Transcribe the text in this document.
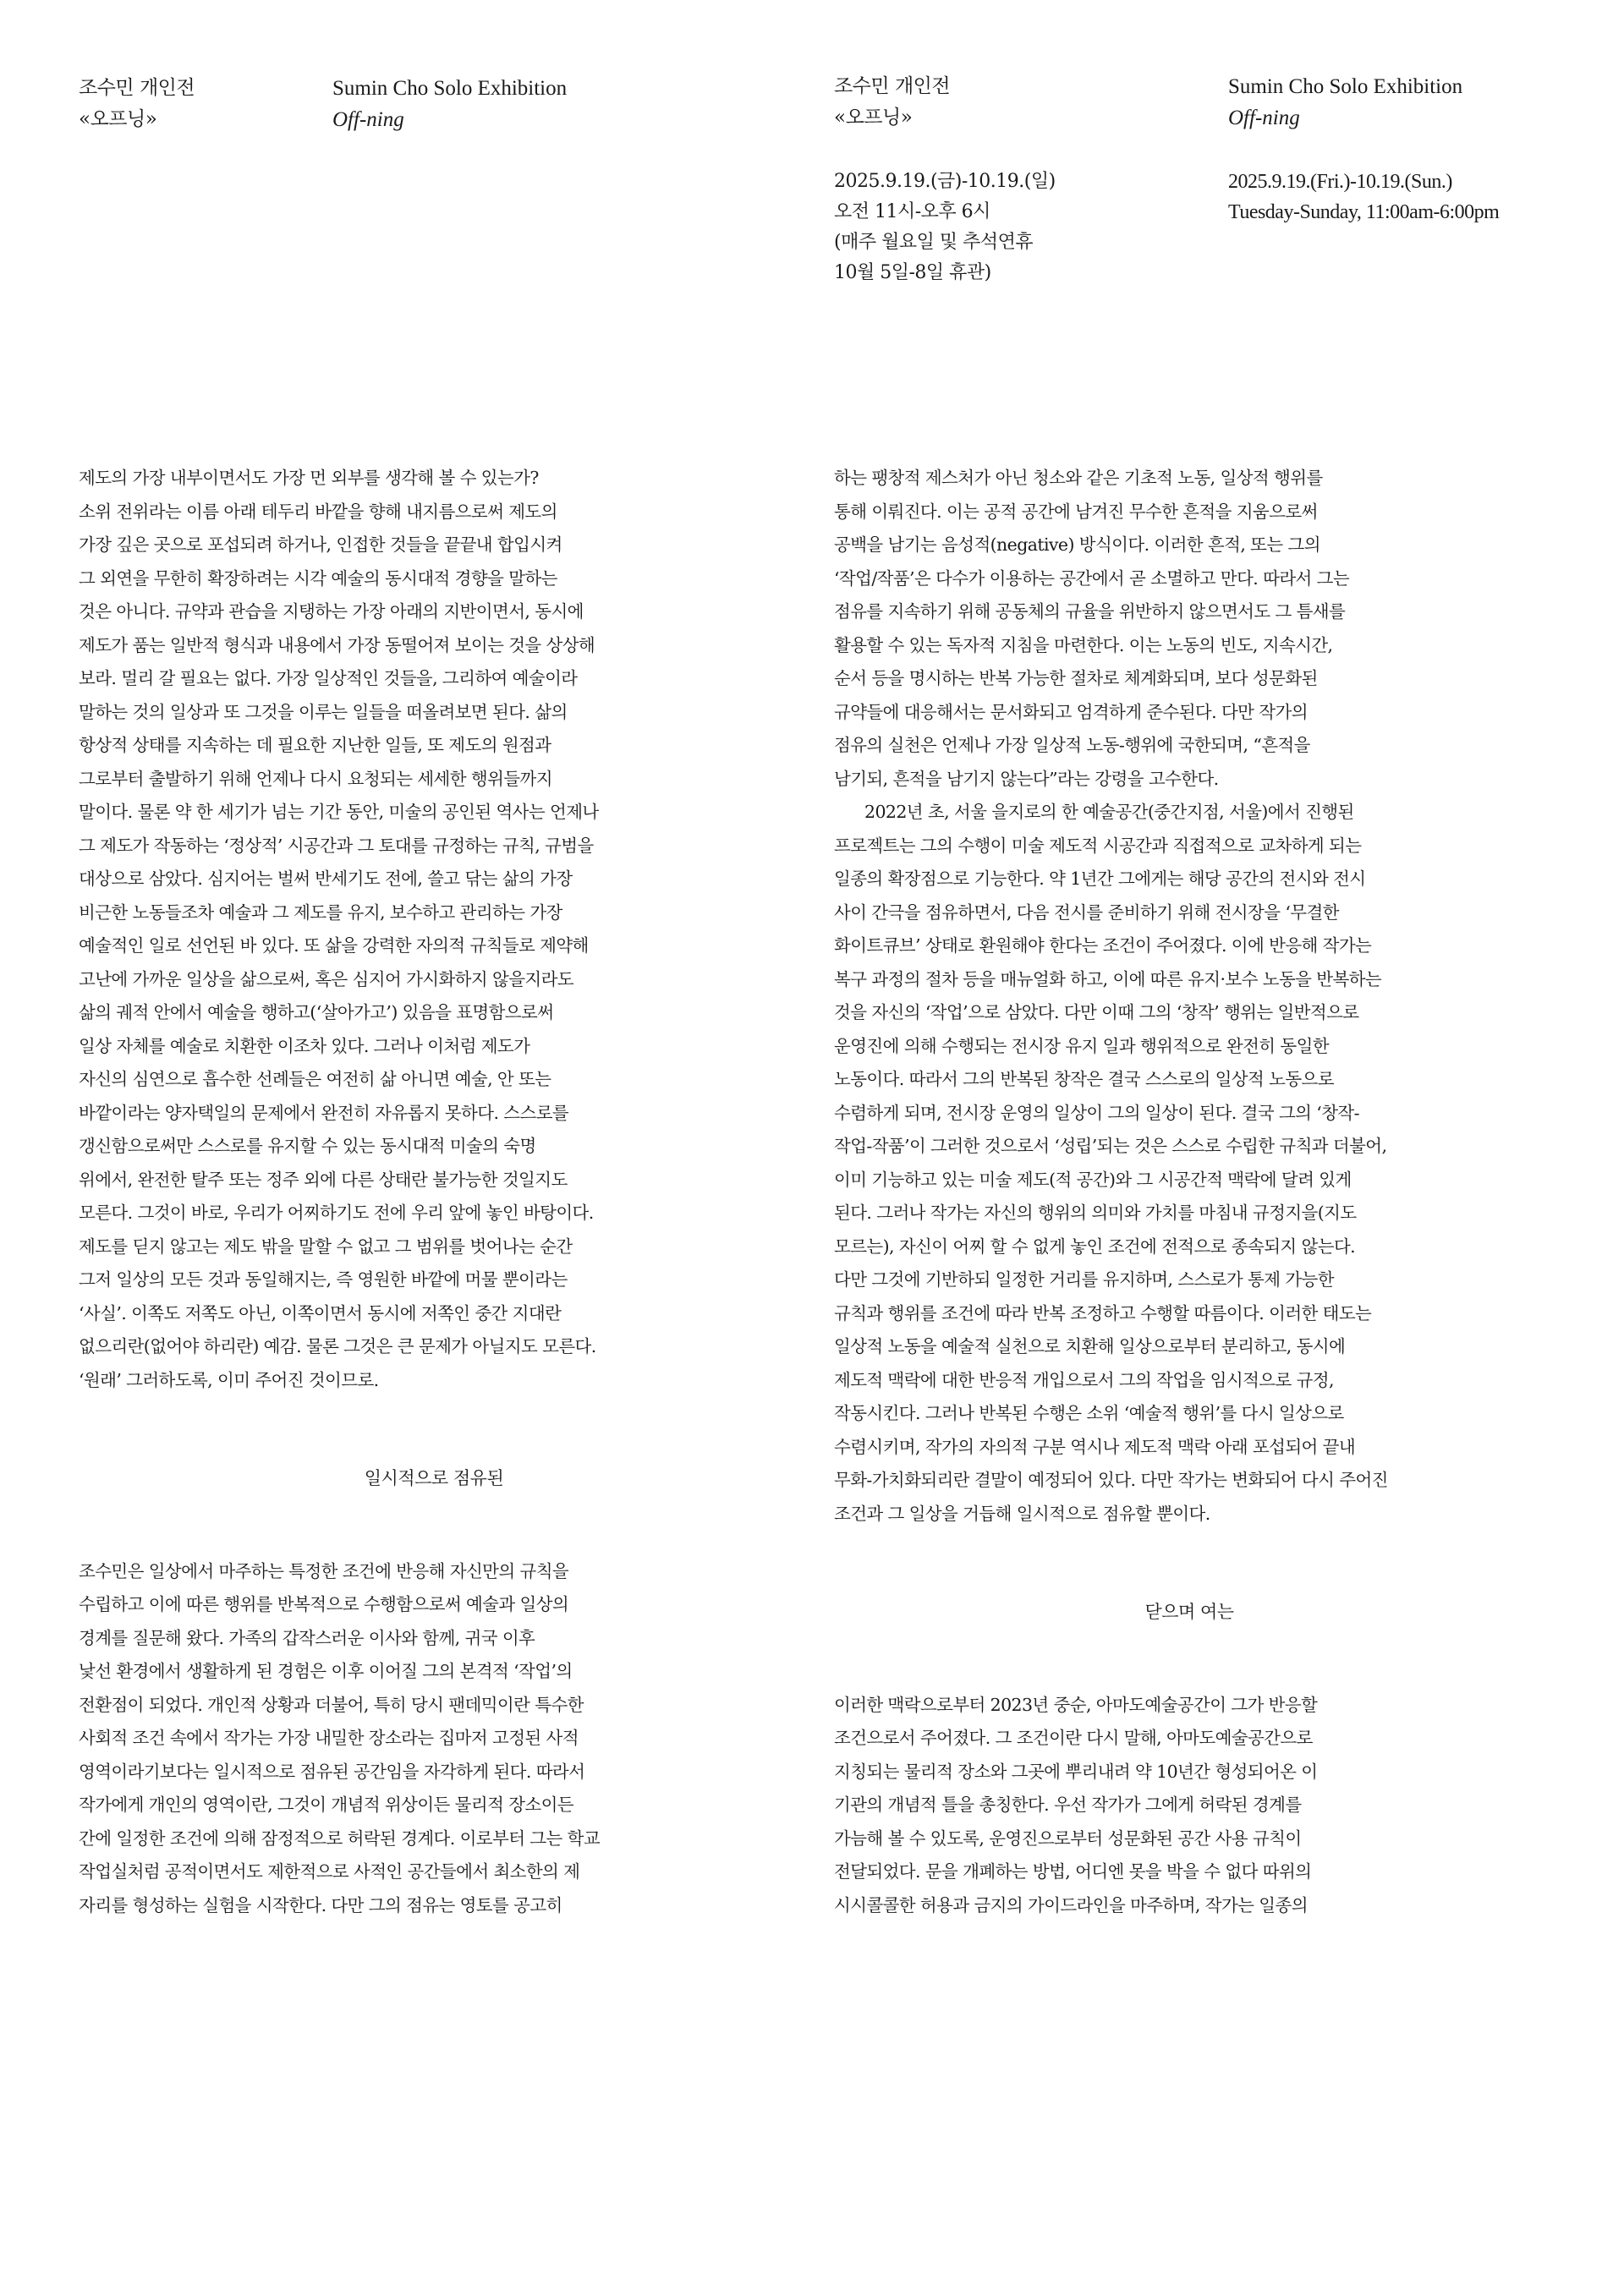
조수민 개인전
«오프닝»
Sumin Cho Solo Exhibition
Off-ning
조수민 개인전
«오프닝»
Sumin Cho Solo Exhibition
Off-ning
2025.9.19.(금)-10.19.(일)
오전 11시-오후 6시
(매주 월요일 및 추석연휴
10월 5일-8일 휴관)
2025.9.19.(Fri.)-10.19.(Sun.)
Tuesday-Sunday, 11:00am-6:00pm
제도의 가장 내부이면서도 가장 먼 외부를 생각해 볼 수 있는가?
소위 전위라는 이름 아래 테두리 바깥을 향해 내지름으로써 제도의
가장 깊은 곳으로 포섭되려 하거나, 인접한 것들을 끝끝내 합입시켜
그 외연을 무한히 확장하려는 시각 예술의 동시대적 경향을 말하는
것은 아니다. 규약과 관습을 지탱하는 가장 아래의 지반이면서, 동시에
제도가 품는 일반적 형식과 내용에서 가장 동떨어져 보이는 것을 상상해
보라. 멀리 갈 필요는 없다. 가장 일상적인 것들을, 그리하여 예술이라
말하는 것의 일상과 또 그것을 이루는 일들을 떠올려보면 된다. 삶의
항상적 상태를 지속하는 데 필요한 지난한 일들, 또 제도의 원점과
그로부터 출발하기 위해 언제나 다시 요청되는 세세한 행위들까지
말이다. 물론 약 한 세기가 넘는 기간 동안, 미술의 공인된 역사는 언제나
그 제도가 작동하는 ‘정상적’ 시공간과 그 토대를 규정하는 규칙, 규범을
대상으로 삼았다. 심지어는 벌써 반세기도 전에, 쓸고 닦는 삶의 가장
비근한 노동들조차 예술과 그 제도를 유지, 보수하고 관리하는 가장
예술적인 일로 선언된 바 있다. 또 삶을 강력한 자의적 규칙들로 제약해
고난에 가까운 일상을 삶으로써, 혹은 심지어 가시화하지 않을지라도
삶의 궤적 안에서 예술을 행하고(‘살아가고’) 있음을 표명함으로써
일상 자체를 예술로 치환한 이조차 있다. 그러나 이처럼 제도가
자신의 심연으로 흡수한 선례들은 여전히 삶 아니면 예술, 안 또는
바깥이라는 양자택일의 문제에서 완전히 자유롭지 못하다. 스스로를
갱신함으로써만 스스로를 유지할 수 있는 동시대적 미술의 숙명
위에서, 완전한 탈주 또는 정주 외에 다른 상태란 불가능한 것일지도
모른다. 그것이 바로, 우리가 어찌하기도 전에 우리 앞에 놓인 바탕이다.
제도를 딛지 않고는 제도 밖을 말할 수 없고 그 범위를 벗어나는 순간
그저 일상의 모든 것과 동일해지는, 즉 영원한 바깥에 머물 뿐이라는
‘사실’. 이쪽도 저쪽도 아닌, 이쪽이면서 동시에 저쪽인 중간 지대란
없으리란(없어야 하리란) 예감. 물론 그것은 큰 문제가 아닐지도 모른다.
‘원래’ 그러하도록, 이미 주어진 것이므로.
일시적으로 점유된
조수민은 일상에서 마주하는 특정한 조건에 반응해 자신만의 규칙을
수립하고 이에 따른 행위를 반복적으로 수행함으로써 예술과 일상의
경계를 질문해 왔다. 가족의 갑작스러운 이사와 함께, 귀국 이후
낯선 환경에서 생활하게 된 경험은 이후 이어질 그의 본격적 ‘작업’의
전환점이 되었다. 개인적 상황과 더불어, 특히 당시 팬데믹이란 특수한
사회적 조건 속에서 작가는 가장 내밀한 장소라는 집마저 고정된 사적
영역이라기보다는 일시적으로 점유된 공간임을 자각하게 된다. 따라서
작가에게 개인의 영역이란, 그것이 개념적 위상이든 물리적 장소이든
간에 일정한 조건에 의해 잠정적으로 허락된 경계다. 이로부터 그는 학교
작업실처럼 공적이면서도 제한적으로 사적인 공간들에서 최소한의 제
자리를 형성하는 실험을 시작한다. 다만 그의 점유는 영토를 공고히
하는 팽창적 제스처가 아닌 청소와 같은 기초적 노동, 일상적 행위를
통해 이뤄진다. 이는 공적 공간에 남겨진 무수한 흔적을 지움으로써
공백을 남기는 음성적(negative) 방식이다. 이러한 흔적, 또는 그의
‘작업/작품’은 다수가 이용하는 공간에서 곧 소멸하고 만다. 따라서 그는
점유를 지속하기 위해 공동체의 규율을 위반하지 않으면서도 그 틈새를
활용할 수 있는 독자적 지침을 마련한다. 이는 노동의 빈도, 지속시간,
순서 등을 명시하는 반복 가능한 절차로 체계화되며, 보다 성문화된
규약들에 대응해서는 문서화되고 엄격하게 준수된다. 다만 작가의
점유의 실천은 언제나 가장 일상적 노동-행위에 국한되며, “흔적을
남기되, 흔적을 남기지 않는다”라는 강령을 고수한다.
2022년 초, 서울 을지로의 한 예술공간(중간지점, 서울)에서 진행된
프로젝트는 그의 수행이 미술 제도적 시공간과 직접적으로 교차하게 되는
일종의 확장점으로 기능한다. 약 1년간 그에게는 해당 공간의 전시와 전시
사이 간극을 점유하면서, 다음 전시를 준비하기 위해 전시장을 ‘무결한
화이트큐브’ 상태로 환원해야 한다는 조건이 주어졌다. 이에 반응해 작가는
복구 과정의 절차 등을 매뉴얼화 하고, 이에 따른 유지·보수 노동을 반복하는
것을 자신의 ‘작업’으로 삼았다. 다만 이때 그의 ‘창작’ 행위는 일반적으로
운영진에 의해 수행되는 전시장 유지 일과 행위적으로 완전히 동일한
노동이다. 따라서 그의 반복된 창작은 결국 스스로의 일상적 노동으로
수렴하게 되며, 전시장 운영의 일상이 그의 일상이 된다. 결국 그의 ‘창작-
작업-작품’이 그러한 것으로서 ‘성립’되는 것은 스스로 수립한 규칙과 더불어,
이미 기능하고 있는 미술 제도(적 공간)와 그 시공간적 맥락에 달려 있게
된다. 그러나 작가는 자신의 행위의 의미와 가치를 마침내 규정지을(지도
모르는), 자신이 어찌 할 수 없게 놓인 조건에 전적으로 종속되지 않는다.
다만 그것에 기반하되 일정한 거리를 유지하며, 스스로가 통제 가능한
규칙과 행위를 조건에 따라 반복 조정하고 수행할 따름이다. 이러한 태도는
일상적 노동을 예술적 실천으로 치환해 일상으로부터 분리하고, 동시에
제도적 맥락에 대한 반응적 개입으로서 그의 작업을 임시적으로 규정,
작동시킨다. 그러나 반복된 수행은 소위 ‘예술적 행위’를 다시 일상으로
수렴시키며, 작가의 자의적 구분 역시나 제도적 맥락 아래 포섭되어 끝내
무화-가치화되리란 결말이 예정되어 있다. 다만 작가는 변화되어 다시 주어진
조건과 그 일상을 거듭해 일시적으로 점유할 뿐이다.
닫으며 여는
이러한 맥락으로부터 2023년 중순, 아마도예술공간이 그가 반응할
조건으로서 주어졌다. 그 조건이란 다시 말해, 아마도예술공간으로
지칭되는 물리적 장소와 그곳에 뿌리내려 약 10년간 형성되어온 이
기관의 개념적 틀을 총칭한다. 우선 작가가 그에게 허락된 경계를
가늠해 볼 수 있도록, 운영진으로부터 성문화된 공간 사용 규칙이
전달되었다. 문을 개폐하는 방법, 어디엔 못을 박을 수 없다 따위의
시시콜콜한 허용과 금지의 가이드라인을 마주하며, 작가는 일종의
